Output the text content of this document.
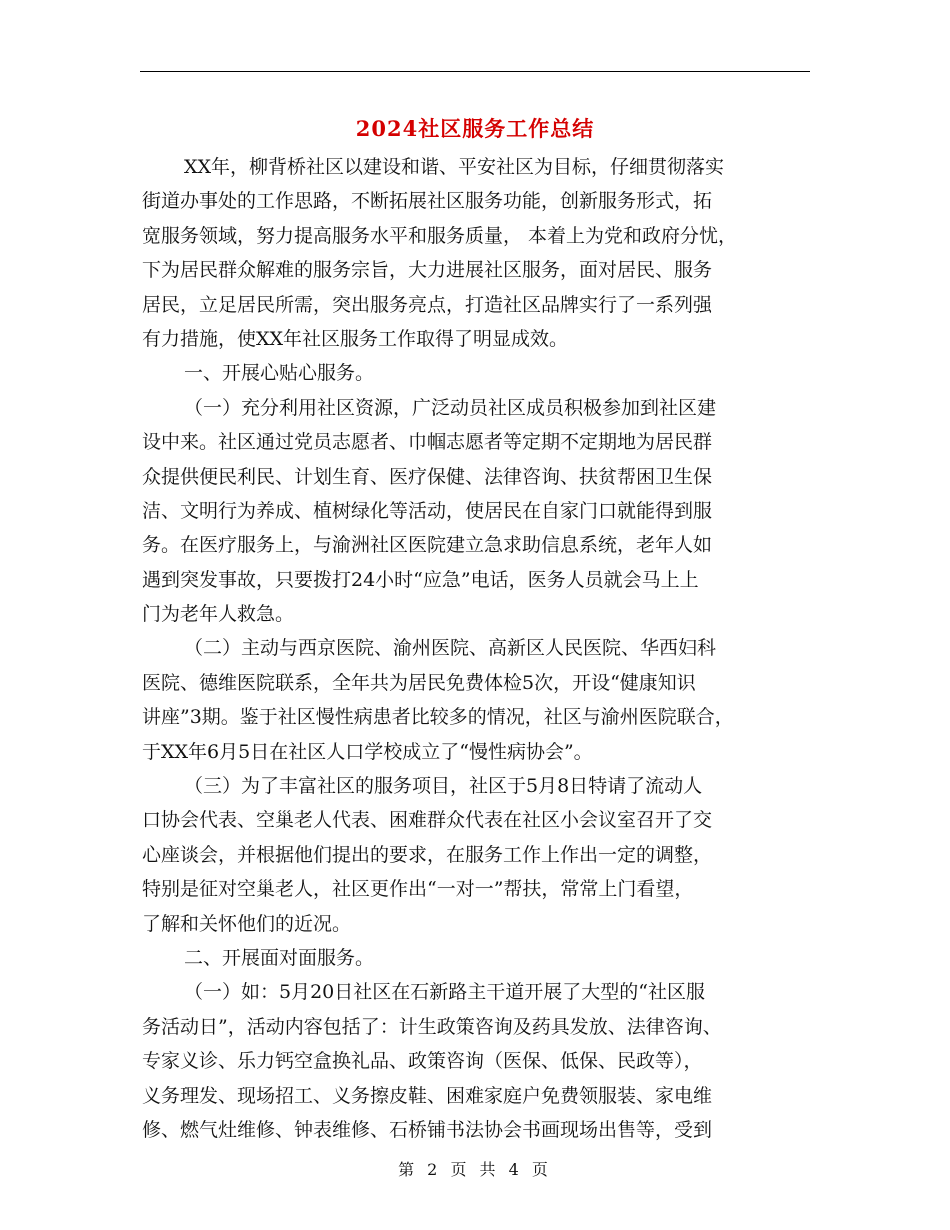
2024社区服务工作总结
XX年，柳背桥社区以建设和谐、平安社区为目标，仔细贯彻落实
街道办事处的工作思路，不断拓展社区服务功能，创新服务形式，拓
宽服务领域，努力提高服务水平和服务质量， 本着上为党和政府分忧，
下为居民群众解难的服务宗旨，大力进展社区服务，面对居民、服务
居民，立足居民所需，突出服务亮点，打造社区品牌实行了一系列强
有力措施，使XX年社区服务工作取得了明显成效。
一、开展心贴心服务。
（一）充分利用社区资源，广泛动员社区成员积极参加到社区建
设中来。社区通过党员志愿者、巾帼志愿者等定期不定期地为居民群
众提供便民利民、计划生育、医疗保健、法律咨询、扶贫帮困卫生保
洁、文明行为养成、植树绿化等活动，使居民在自家门口就能得到服
务。在医疗服务上，与渝洲社区医院建立急求助信息系统，老年人如
遇到突发事故，只要拨打24小时“应急”电话，医务人员就会马上上
门为老年人救急。
（二）主动与西京医院、渝州医院、高新区人民医院、华西妇科
医院、德维医院联系，全年共为居民免费体检5次，开设“健康知识
讲座”3期。鉴于社区慢性病患者比较多的情况，社区与渝州医院联合，
于XX年6月5日在社区人口学校成立了“慢性病协会”。
（三）为了丰富社区的服务项目，社区于5月8日特请了流动人
口协会代表、空巢老人代表、困难群众代表在社区小会议室召开了交
心座谈会，并根据他们提出的要求，在服务工作上作出一定的调整，
特别是征对空巢老人，社区更作出“一对一”帮扶，常常上门看望，
了解和关怀他们的近况。
二、开展面对面服务。
（一）如：5月20日社区在石新路主干道开展了大型的“社区服
务活动日”，活动内容包括了：计生政策咨询及药具发放、法律咨询、
专家义诊、乐力钙空盒换礼品、政策咨询（医保、低保、民政等），
义务理发、现场招工、义务擦皮鞋、困难家庭户免费领服装、家电维
修、燃气灶维修、钟表维修、石桥铺书法协会书画现场出售等，受到
第 2 页 共 4 页
